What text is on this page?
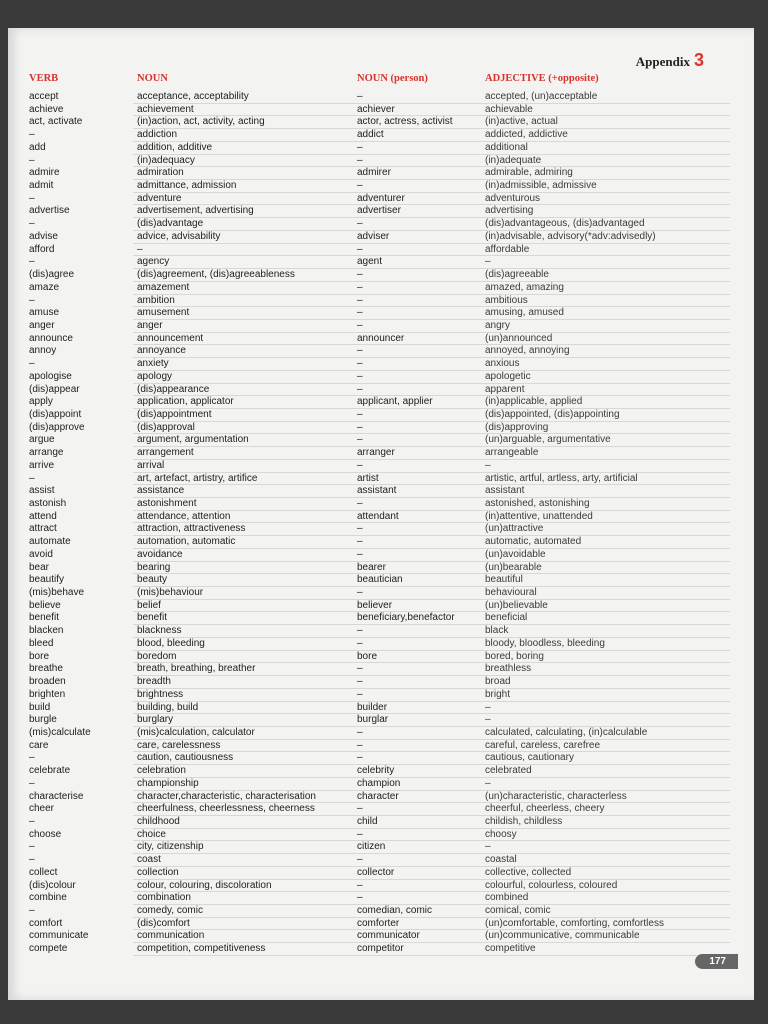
Appendix 3
VERB	NOUN	NOUN (person)	ADJECTIVE (+opposite)
accept	acceptance, acceptability	–	accepted, (un)acceptable
achieve	achievement	achiever	achievable
act, activate	(in)action, act, activity, acting	actor, actress, activist	(in)active, actual
–	addiction	addict	addicted, addictive
add	addition, additive	–	additional
–	(in)adequacy	–	(in)adequate
admire	admiration	admirer	admirable, admiring
admit	admittance, admission	–	(in)admissible, admissive
–	adventure	adventurer	adventurous
advertise	advertisement, advertising	advertiser	advertising
–	(dis)advantage	–	(dis)advantageous, (dis)advantaged
advise	advice, advisability	adviser	(in)advisable, advisory(*adv:advisedly)
afford	–	–	affordable
–	agency	agent	–
(dis)agree	(dis)agreement, (dis)agreeableness	–	(dis)agreeable
amaze	amazement	–	amazed, amazing
–	ambition	–	ambitious
amuse	amusement	–	amusing, amused
anger	anger	–	angry
announce	announcement	announcer	(un)announced
annoy	annoyance	–	annoyed, annoying
–	anxiety	–	anxious
apologise	apology	–	apologetic
(dis)appear	(dis)appearance	–	apparent
apply	application, applicator	applicant, applier	(in)applicable, applied
(dis)appoint	(dis)appointment	–	(dis)appointed, (dis)appointing
(dis)approve	(dis)approval	–	(dis)approving
argue	argument, argumentation	–	(un)arguable, argumentative
arrange	arrangement	arranger	arrangeable
arrive	arrival	–	–
–	art, artefact, artistry, artifice	artist	artistic, artful, artless, arty, artificial
assist	assistance	assistant	assistant
astonish	astonishment	–	astonished, astonishing
attend	attendance, attention	attendant	(in)attentive, unattended
attract	attraction, attractiveness	–	(un)attractive
automate	automation, automatic	–	automatic, automated
avoid	avoidance	–	(un)avoidable
bear	bearing	bearer	(un)bearable
beautify	beauty	beautician	beautiful
(mis)behave	(mis)behaviour	–	behavioural
believe	belief	believer	(un)believable
benefit	benefit	beneficiary,benefactor	beneficial
blacken	blackness	–	black
bleed	blood, bleeding	–	bloody, bloodless, bleeding
bore	boredom	bore	bored, boring
breathe	breath, breathing, breather	–	breathless
broaden	breadth	–	broad
brighten	brightness	–	bright
build	building, build	builder	–
burgle	burglary	burglar	–
(mis)calculate	(mis)calculation, calculator	–	calculated, calculating, (in)calculable
care	care, carelessness	–	careful, careless, carefree
–	caution, cautiousness	–	cautious, cautionary
celebrate	celebration	celebrity	celebrated
–	championship	champion	–
characterise	character,characteristic, characterisation	character	(un)characteristic, characterless
cheer	cheerfulness, cheerlessness, cheerness	–	cheerful, cheerless, cheery
–	childhood	child	childish, childless
choose	choice	–	choosy
–	city, citizenship	citizen	–
–	coast	–	coastal
collect	collection	collector	collective, collected
(dis)colour	colour, colouring, discoloration	–	colourful, colourless, coloured
combine	combination	–	combined
–	comedy, comic	comedian, comic	comical, comic
comfort	(dis)comfort	comforter	(un)comfortable, comforting, comfortless
communicate	communication	communicator	(un)communicative, communicable
compete	competition, competitiveness	competitor	competitive
177
